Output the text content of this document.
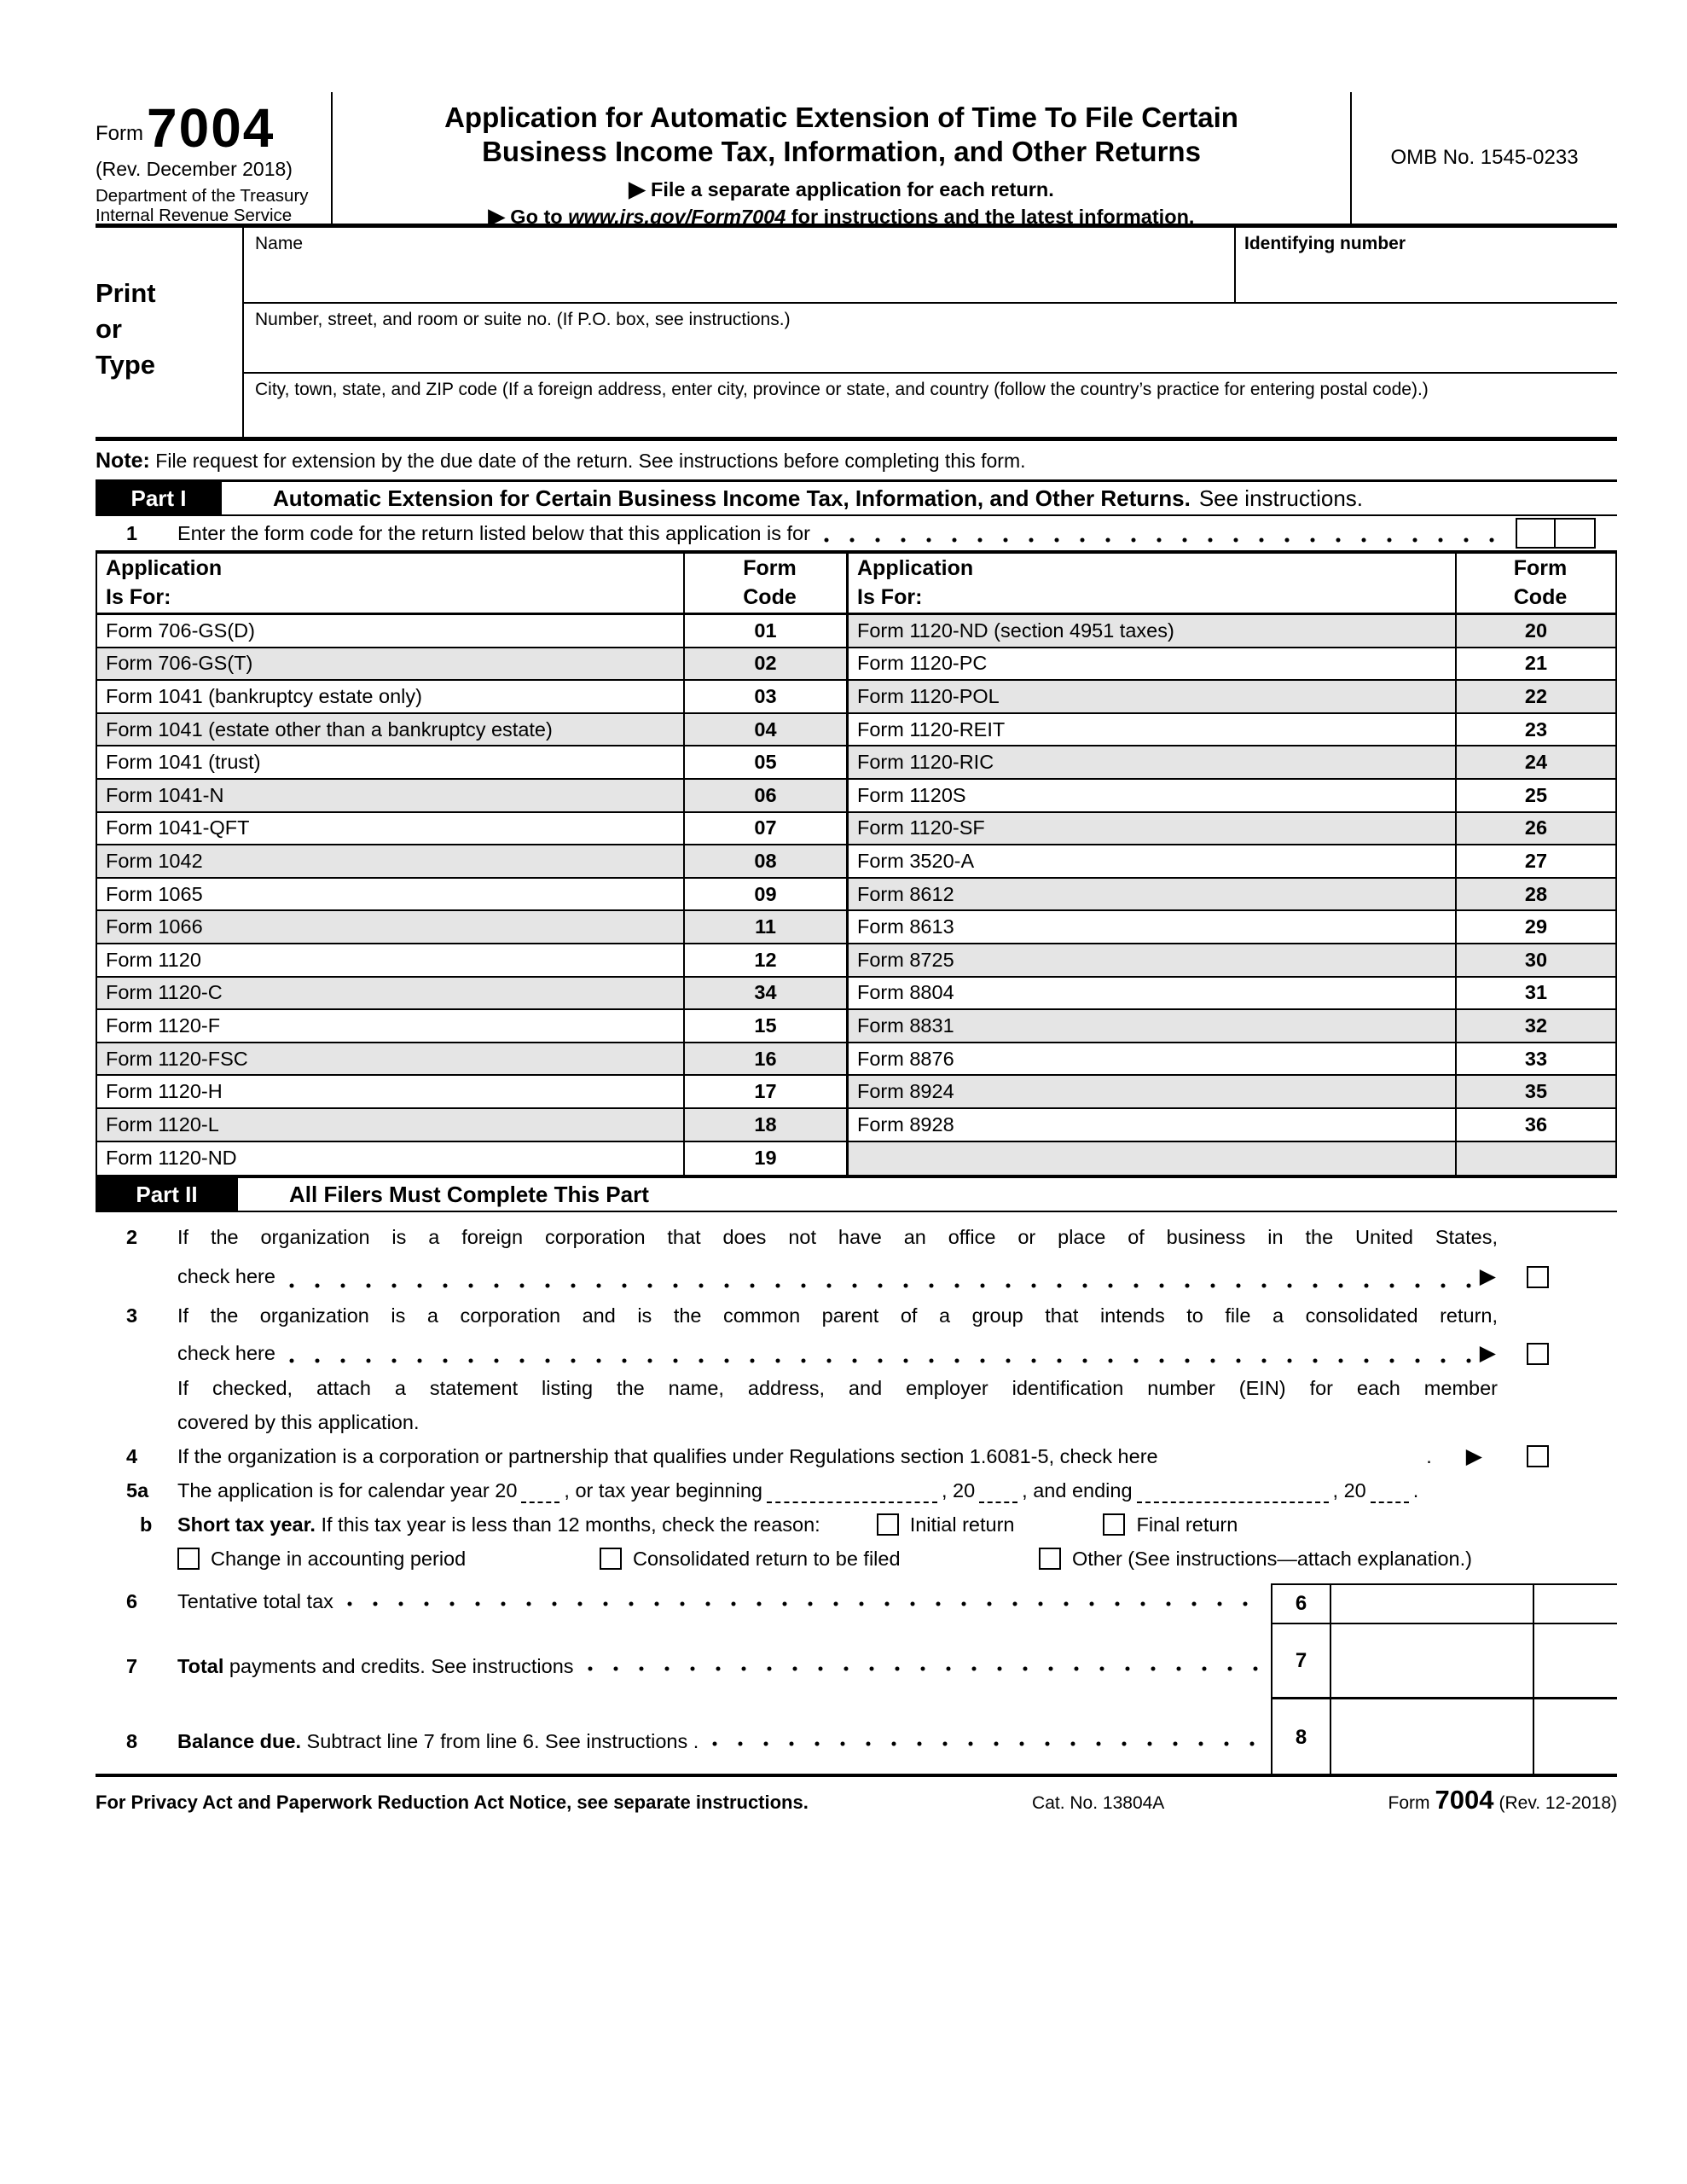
Form 7004
(Rev. December 2018)
Department of the Treasury
Internal Revenue Service
Application for Automatic Extension of Time To File Certain
Business Income Tax, Information, and Other Returns
▶ File a separate application for each return.
▶ Go to www.irs.gov/Form7004 for instructions and the latest information.
OMB No. 1545-0233
Print
or
Type
Name	Identifying number
Number, street, and room or suite no. (If P.O. box, see instructions.)
City, town, state, and ZIP code (If a foreign address, enter city, province or state, and country (follow the country’s practice for entering postal code).)
Note: File request for extension by the due date of the return. See instructions before completing this form.
Part I	Automatic Extension for Certain Business Income Tax, Information, and Other Returns. See instructions.
1	Enter the form code for the return listed below that this application is for
Application
Is For:
Form
Code
Application
Is For:
Form
Code
Form 706-GS(D)	01	Form 1120-ND (section 4951 taxes)	20
Form 706-GS(T)	02	Form 1120-PC	21
Form 1041 (bankruptcy estate only)	03	Form 1120-POL	22
Form 1041 (estate other than a bankruptcy estate)	04	Form 1120-REIT	23
Form 1041 (trust)	05	Form 1120-RIC	24
Form 1041-N	06	Form 1120S	25
Form 1041-QFT	07	Form 1120-SF	26
Form 1042	08	Form 3520-A	27
Form 1065	09	Form 8612	28
Form 1066	11	Form 8613	29
Form 1120	12	Form 8725	30
Form 1120-C	34	Form 8804	31
Form 1120-F	15	Form 8831	32
Form 1120-FSC	16	Form 8876	33
Form 1120-H	17	Form 8924	35
Form 1120-L	18	Form 8928	36
Form 1120-ND	19
Part II	All Filers Must Complete This Part
2	If the organization is a foreign corporation that does not have an office or place of business in the United States,
check here	▶
3	If the organization is a corporation and is the common parent of a group that intends to file a consolidated return,
check here	▶
If checked, attach a statement listing the name, address, and employer identification number (EIN) for each member
covered by this application.
4	If the organization is a corporation or partnership that qualifies under Regulations section 1.6081-5, check here	. ▶
5a	The application is for calendar year 20 , or tax year beginning	, 20 , and ending	, 20 .
b	Short tax year. If this tax year is less than 12 months, check the reason:	Initial return	Final return
Change in accounting period	Consolidated return to be filed	Other (See instructions—attach explanation.)
6	Tentative total tax
7	Total payments and credits. See instructions
8	Balance due. Subtract line 7 from line 6. See instructions .
6
7
8
For Privacy Act and Paperwork Reduction Act Notice, see separate instructions.	Cat. No. 13804A	Form 7004 (Rev. 12-2018)
